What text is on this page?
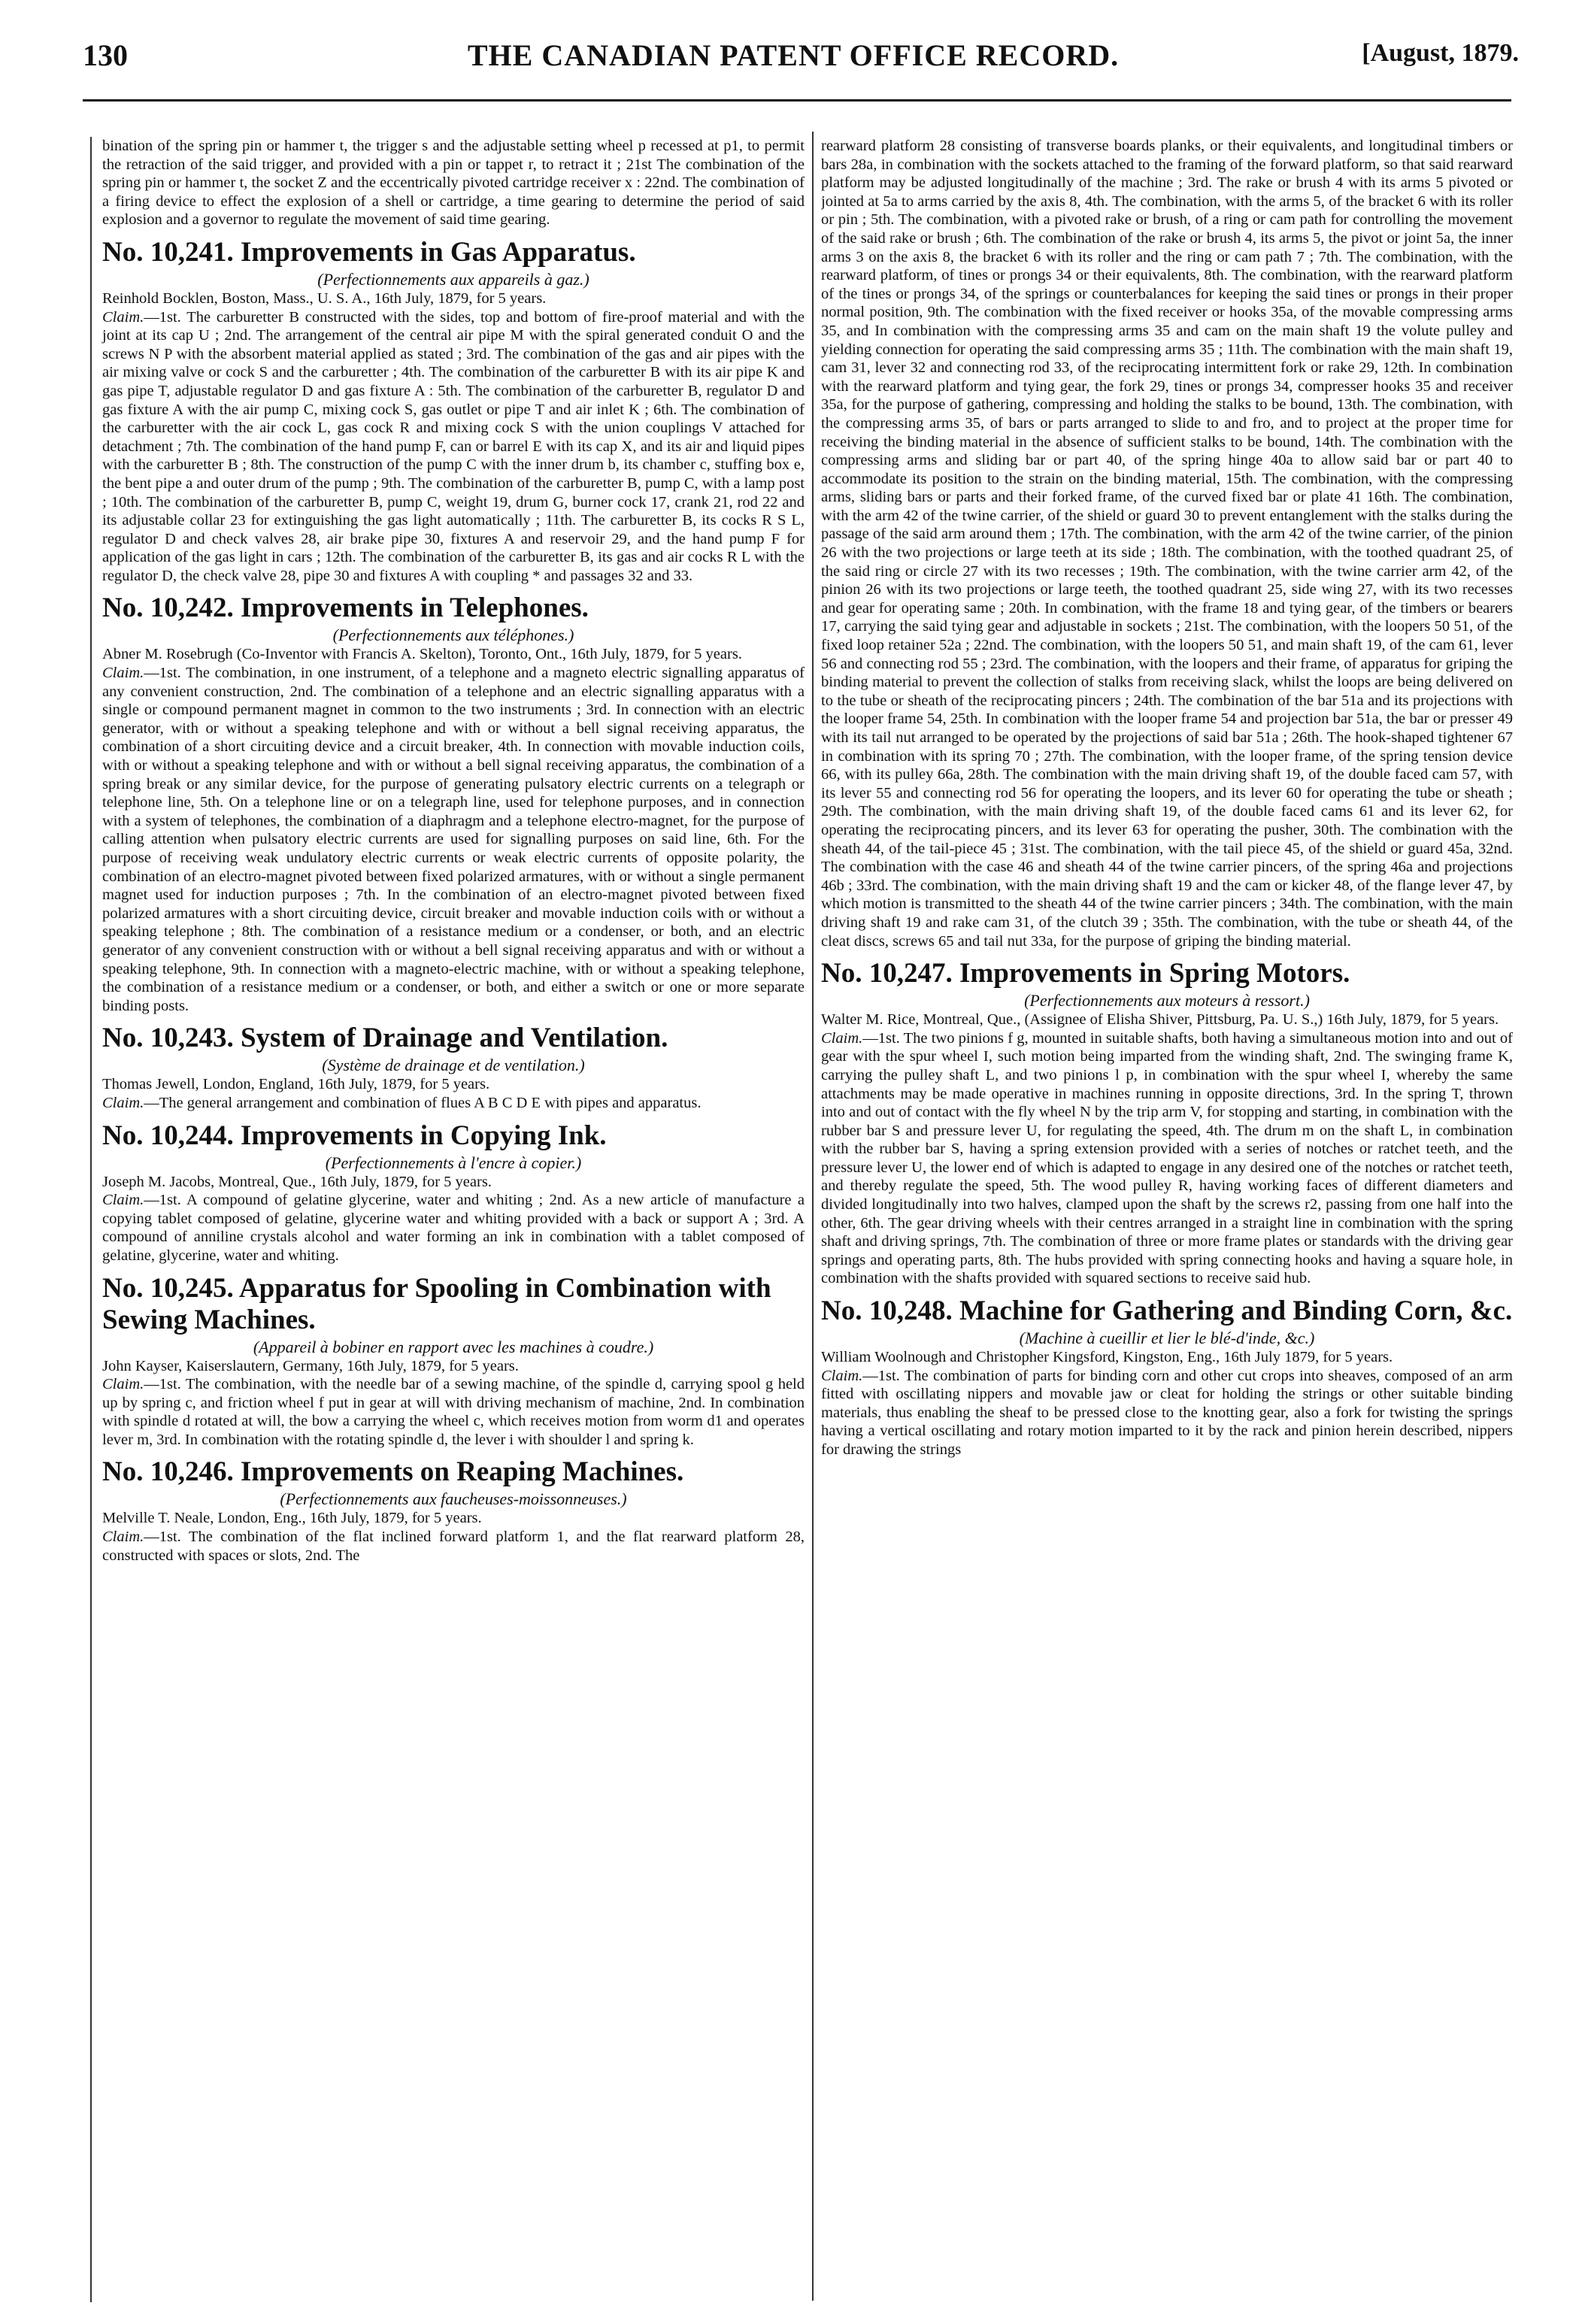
130	THE CANADIAN PATENT OFFICE RECORD.	[August, 1879.

bination of the spring pin or hammer t, the trigger s and the adjustable setting wheel p recessed at p1, to permit the retraction of the said trigger, and provided with a pin or tappet r, to retract it ; 21st The combination of the spring pin or hammer t, the socket Z and the eccentrically pivoted cartridge receiver x : 22nd. The combination of a firing device to effect the explosion of a shell or cartridge, a time gearing to determine the period of said explosion and a governor to regulate the movement of said time gearing.

No. 10,241. Improvements in Gas Apparatus.
(Perfectionnements aux appareils à gaz.)

Reinhold Bocklen, Boston, Mass., U. S. A., 16th July, 1879, for 5 years.

Claim.—1st. The carburetter B constructed with the sides, top and bottom of fire-proof material and with the joint at its cap U ; 2nd. The arrangement of the central air pipe M with the spiral generated conduit O and the screws N P with the absorbent material applied as stated ; 3rd. The combination of the gas and air pipes with the air mixing valve or cock S and the carburetter ; 4th. The combination of the carburetter B with its air pipe K and gas pipe T, adjustable regulator D and gas fixture A : 5th. The combination of the carburetter B, regulator D and gas fixture A with the air pump C, mixing cock S, gas outlet or pipe T and air inlet K ; 6th. The combination of the carburetter with the air cock L, gas cock R and mixing cock S with the union couplings V attached for detachment ; 7th. The combination of the hand pump F, can or barrel E with its cap X, and its air and liquid pipes with the carburetter B ; 8th. The construction of the pump C with the inner drum b, its chamber c, stuffing box e, the bent pipe a and outer drum of the pump ; 9th. The combination of the carburetter B, pump C, with a lamp post ; 10th. The combination of the carburetter B, pump C, weight 19, drum G, burner cock 17, crank 21, rod 22 and its adjustable collar 23 for extinguishing the gas light automatically ; 11th. The carburetter B, its cocks R S L, regulator D and check valves 28, air brake pipe 30, fixtures A and reservoir 29, and the hand pump F for application of the gas light in cars ; 12th. The combination of the carburetter B, its gas and air cocks R L with the regulator D, the check valve 28, pipe 30 and fixtures A with coupling * and passages 32 and 33.

No. 10,242. Improvements in Telephones.
(Perfectionnements aux téléphones.)

Abner M. Rosebrugh (Co-Inventor with Francis A. Skelton), Toronto, Ont., 16th July, 1879, for 5 years.

Claim.—1st. The combination, in one instrument, of a telephone and a magneto electric signalling apparatus of any convenient construction, 2nd. The combination of a telephone and an electric signalling apparatus with a single or compound permanent magnet in common to the two instruments ; 3rd. In connection with an electric generator, with or without a speaking telephone and with or without a bell signal receiving apparatus, the combination of a short circuiting device and a circuit breaker, 4th. In connection with movable induction coils, with or without a speaking telephone and with or without a bell signal receiving apparatus, the combination of a spring break or any similar device, for the purpose of generating pulsatory electric currents on a telegraph or telephone line, 5th. On a telephone line or on a telegraph line, used for telephone purposes, and in connection with a system of telephones, the combination of a diaphragm and a telephone electro-magnet, for the purpose of calling attention when pulsatory electric currents are used for signalling purposes on said line, 6th. For the purpose of receiving weak undulatory electric currents or weak electric currents of opposite polarity, the combination of an electro-magnet pivoted between fixed polarized armatures, with or without a single permanent magnet used for induction purposes ; 7th. In the combination of an electro-magnet pivoted between fixed polarized armatures with a short circuiting device, circuit breaker and movable induction coils with or without a speaking telephone ; 8th. The combination of a resistance medium or a condenser, or both, and an electric generator of any convenient construction with or without a bell signal receiving apparatus and with or without a speaking telephone, 9th. In connection with a magneto-electric machine, with or without a speaking telephone, the combination of a resistance medium or a condenser, or both, and either a switch or one or more separate binding posts.

No. 10,243. System of Drainage and Ventilation.
(Système de drainage et de ventilation.)

Thomas Jewell, London, England, 16th July, 1879, for 5 years.

Claim.—The general arrangement and combination of flues A B C D E with pipes and apparatus.

No. 10,244. Improvements in Copying Ink.
(Perfectionnements à l'encre à copier.)

Joseph M. Jacobs, Montreal, Que., 16th July, 1879, for 5 years.

Claim.—1st. A compound of gelatine glycerine, water and whiting ; 2nd. As a new article of manufacture a copying tablet composed of gelatine, glycerine water and whiting provided with a back or support A ; 3rd. A compound of anniline crystals alcohol and water forming an ink in combination with a tablet composed of gelatine, glycerine, water and whiting.

No. 10,245. Apparatus for Spooling in Combination with Sewing Machines.
(Appareil à bobiner en rapport avec les machines à coudre.)

John Kayser, Kaiserslautern, Germany, 16th July, 1879, for 5 years.

Claim.—1st. The combination, with the needle bar of a sewing machine, of the spindle d, carrying spool g held up by spring c, and friction wheel f put in gear at will with driving mechanism of machine, 2nd. In combination with spindle d rotated at will, the bow a carrying the wheel c, which receives motion from worm d1 and operates lever m, 3rd. In combination with the rotating spindle d, the lever i with shoulder l and spring k.

No. 10,246. Improvements on Reaping Machines.
(Perfectionnements aux faucheuses-moissonneuses.)

Melville T. Neale, London, Eng., 16th July, 1879, for 5 years.

Claim.—1st. The combination of the flat inclined forward platform 1, and the flat rearward platform 28, constructed with spaces or slots, 2nd. The

rearward platform 28 consisting of transverse boards planks, or their equivalents, and longitudinal timbers or bars 28a, in combination with the sockets attached to the framing of the forward platform, so that said rearward platform may be adjusted longitudinally of the machine ; 3rd. The rake or brush 4 with its arms 5 pivoted or jointed at 5a to arms carried by the axis 8, 4th. The combination, with the arms 5, of the bracket 6 with its roller or pin ; 5th. The combination, with a pivoted rake or brush, of a ring or cam path for controlling the movement of the said rake or brush ; 6th. The combination of the rake or brush 4, its arms 5, the pivot or joint 5a, the inner arms 3 on the axis 8, the bracket 6 with its roller and the ring or cam path 7 ; 7th. The combination, with the rearward platform, of tines or prongs 34 or their equivalents, 8th. The combination, with the rearward platform of the tines or prongs 34, of the springs or counterbalances for keeping the said tines or prongs in their proper normal position, 9th. The combination with the fixed receiver or hooks 35a, of the movable compressing arms 35, and In combination with the compressing arms 35 and cam on the main shaft 19 the volute pulley and yielding connection for operating the said compressing arms 35 ; 11th. The combination with the main shaft 19, cam 31, lever 32 and connecting rod 33, of the reciprocating intermittent fork or rake 29, 12th. In combination with the rearward platform and tying gear, the fork 29, tines or prongs 34, compresser hooks 35 and receiver 35a, for the purpose of gathering, compressing and holding the stalks to be bound, 13th. The combination, with the compressing arms 35, of bars or parts arranged to slide to and fro, and to project at the proper time for receiving the binding material in the absence of sufficient stalks to be bound, 14th. The combination with the compressing arms and sliding bar or part 40, of the spring hinge 40a to allow said bar or part 40 to accommodate its position to the strain on the binding material, 15th. The combination, with the compressing arms, sliding bars or parts and their forked frame, of the curved fixed bar or plate 41 16th. The combination, with the arm 42 of the twine carrier, of the shield or guard 30 to prevent entanglement with the stalks during the passage of the said arm around them ; 17th. The combination, with the arm 42 of the twine carrier, of the pinion 26 with the two projections or large teeth at its side ; 18th. The combination, with the toothed quadrant 25, of the said ring or circle 27 with its two recesses ; 19th. The combination, with the twine carrier arm 42, of the pinion 26 with its two projections or large teeth, the toothed quadrant 25, side wing 27, with its two recesses and gear for operating same ; 20th. In combination, with the frame 18 and tying gear, of the timbers or bearers 17, carrying the said tying gear and adjustable in sockets ; 21st. The combination, with the loopers 50 51, of the fixed loop retainer 52a ; 22nd. The combination, with the loopers 50 51, and main shaft 19, of the cam 61, lever 56 and connecting rod 55 ; 23rd. The combination, with the loopers and their frame, of apparatus for griping the binding material to prevent the collection of stalks from receiving slack, whilst the loops are being delivered on to the tube or sheath of the reciprocating pincers ; 24th. The combination of the bar 51a and its projections with the looper frame 54, 25th. In combination with the looper frame 54 and projection bar 51a, the bar or presser 49 with its tail nut arranged to be operated by the projections of said bar 51a ; 26th. The hook-shaped tightener 67 in combination with its spring 70 ; 27th. The combination, with the looper frame, of the spring tension device 66, with its pulley 66a, 28th. The combination with the main driving shaft 19, of the double faced cam 57, with its lever 55 and connecting rod 56 for operating the loopers, and its lever 60 for operating the tube or sheath ; 29th. The combination, with the main driving shaft 19, of the double faced cams 61 and its lever 62, for operating the reciprocating pincers, and its lever 63 for operating the pusher, 30th. The combination with the sheath 44, of the tail-piece 45 ; 31st. The combination, with the tail piece 45, of the shield or guard 45a, 32nd. The combination with the case 46 and sheath 44 of the twine carrier pincers, of the spring 46a and projections 46b ; 33rd. The combination, with the main driving shaft 19 and the cam or kicker 48, of the flange lever 47, by which motion is transmitted to the sheath 44 of the twine carrier pincers ; 34th. The combination, with the main driving shaft 19 and rake cam 31, of the clutch 39 ; 35th. The combination, with the tube or sheath 44, of the cleat discs, screws 65 and tail nut 33a, for the purpose of griping the binding material.

No. 10,247. Improvements in Spring Motors.
(Perfectionnements aux moteurs à ressort.)

Walter M. Rice, Montreal, Que., (Assignee of Elisha Shiver, Pittsburg, Pa. U. S.,) 16th July, 1879, for 5 years.

Claim.—1st. The two pinions f g, mounted in suitable shafts, both having a simultaneous motion into and out of gear with the spur wheel I, such motion being imparted from the winding shaft, 2nd. The swinging frame K, carrying the pulley shaft L, and two pinions l p, in combination with the spur wheel I, whereby the same attachments may be made operative in machines running in opposite directions, 3rd. In the spring T, thrown into and out of contact with the fly wheel N by the trip arm V, for stopping and starting, in combination with the rubber bar S and pressure lever U, for regulating the speed, 4th. The drum m on the shaft L, in combination with the rubber bar S, having a spring extension provided with a series of notches or ratchet teeth, and the pressure lever U, the lower end of which is adapted to engage in any desired one of the notches or ratchet teeth, and thereby regulate the speed, 5th. The wood pulley R, having working faces of different diameters and divided longitudinally into two halves, clamped upon the shaft by the screws r2, passing from one half into the other, 6th. The gear driving wheels with their centres arranged in a straight line in combination with the spring shaft and driving springs, 7th. The combination of three or more frame plates or standards with the driving gear springs and operating parts, 8th. The hubs provided with spring connecting hooks and having a square hole, in combination with the shafts provided with squared sections to receive said hub.

No. 10,248. Machine for Gathering and Binding Corn, &c.
(Machine à cueillir et lier le blé-d'inde, &c.)

William Woolnough and Christopher Kingsford, Kingston, Eng., 16th July 1879, for 5 years.

Claim.—1st. The combination of parts for binding corn and other cut crops into sheaves, composed of an arm fitted with oscillating nippers and movable jaw or cleat for holding the strings or other suitable binding materials, thus enabling the sheaf to be pressed close to the knotting gear, also a fork for twisting the springs having a vertical oscillating and rotary motion imparted to it by the rack and pinion herein described, nippers for drawing the strings
